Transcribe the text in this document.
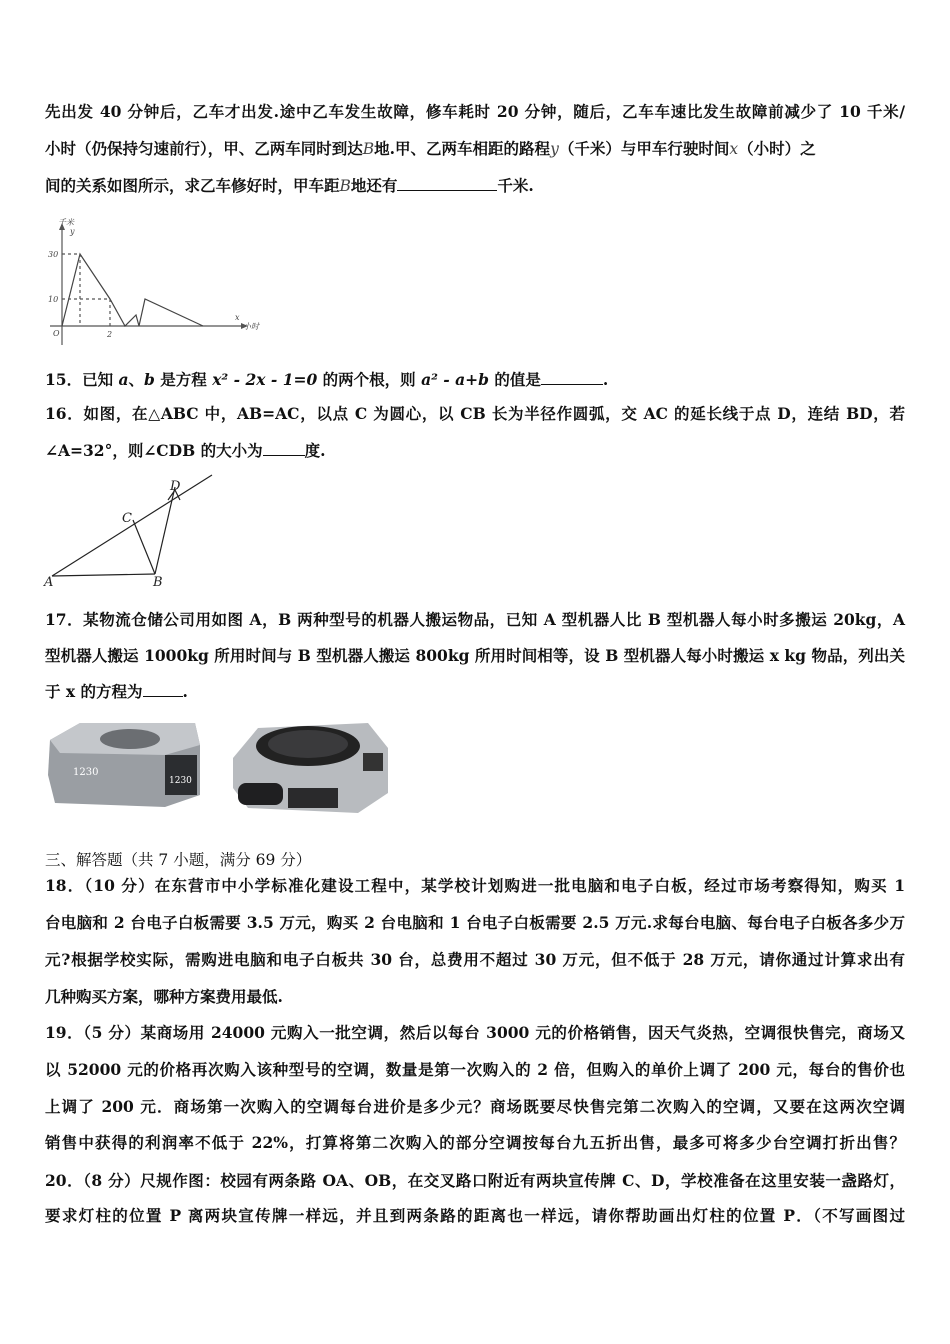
先出发 40 分钟后，乙车才出发.途中乙车发生故障，修车耗时 20 分钟，随后，乙车车速比发生故障前减少了 10 千米/
小时（仍保持匀速前行），甲、乙两车同时到达B地.甲、乙两车相距的路程y（千米）与甲车行驶时间x（小时）之
间的关系如图所示，求乙车修好时，甲车距B地还有	千米.
千米
y
30
10
O	2
x
小时
15．已知 a、b 是方程 x² - 2x - 1=0 的两个根，则 a² - a+b 的值是	.
16．如图，在△ABC 中，AB=AC，以点 C 为圆心，以 CB 长为半径作圆弧，交 AC 的延长线于点 D，连结 BD，若
∠A=32°，则∠CDB 的大小为	度.
A	B
C
D
17．某物流仓储公司用如图 A，B 两种型号的机器人搬运物品，已知 A 型机器人比 B 型机器人每小时多搬运 20kg，A
型机器人搬运 1000kg 所用时间与 B 型机器人搬运 800kg 所用时间相等，设 B 型机器人每小时搬运 x kg 物品，列出关
于 x 的方程为	.
1230
1230
三、解答题（共 7 小题，满分 69 分）
18．（10 分）在东营市中小学标准化建设工程中，某学校计划购进一批电脑和电子白板，经过市场考察得知，购买 1
台电脑和 2 台电子白板需要 3.5 万元，购买 2 台电脑和 1 台电子白板需要 2.5 万元.求每台电脑、每台电子白板各多少万
元?根据学校实际，需购进电脑和电子白板共 30 台，总费用不超过 30 万元，但不低于 28 万元，请你通过计算求出有
几种购买方案，哪种方案费用最低.
19．（5 分）某商场用 24000 元购入一批空调，然后以每台 3000 元的价格销售，因天气炎热，空调很快售完，商场又
以 52000 元的价格再次购入该种型号的空调，数量是第一次购入的 2 倍，但购入的单价上调了 200 元，每台的售价也
上调了 200 元．商场第一次购入的空调每台进价是多少元？商场既要尽快售完第二次购入的空调，又要在这两次空调
销售中获得的利润率不低于 22%，打算将第二次购入的部分空调按每台九五折出售，最多可将多少台空调打折出售？
20．（8 分）尺规作图：校园有两条路 OA、OB，在交叉路口附近有两块宣传牌 C、D，学校准备在这里安装一盏路灯，
要求灯柱的位置 P 离两块宣传牌一样远，并且到两条路的距离也一样远，请你帮助画出灯柱的位置 P．（不写画图过
